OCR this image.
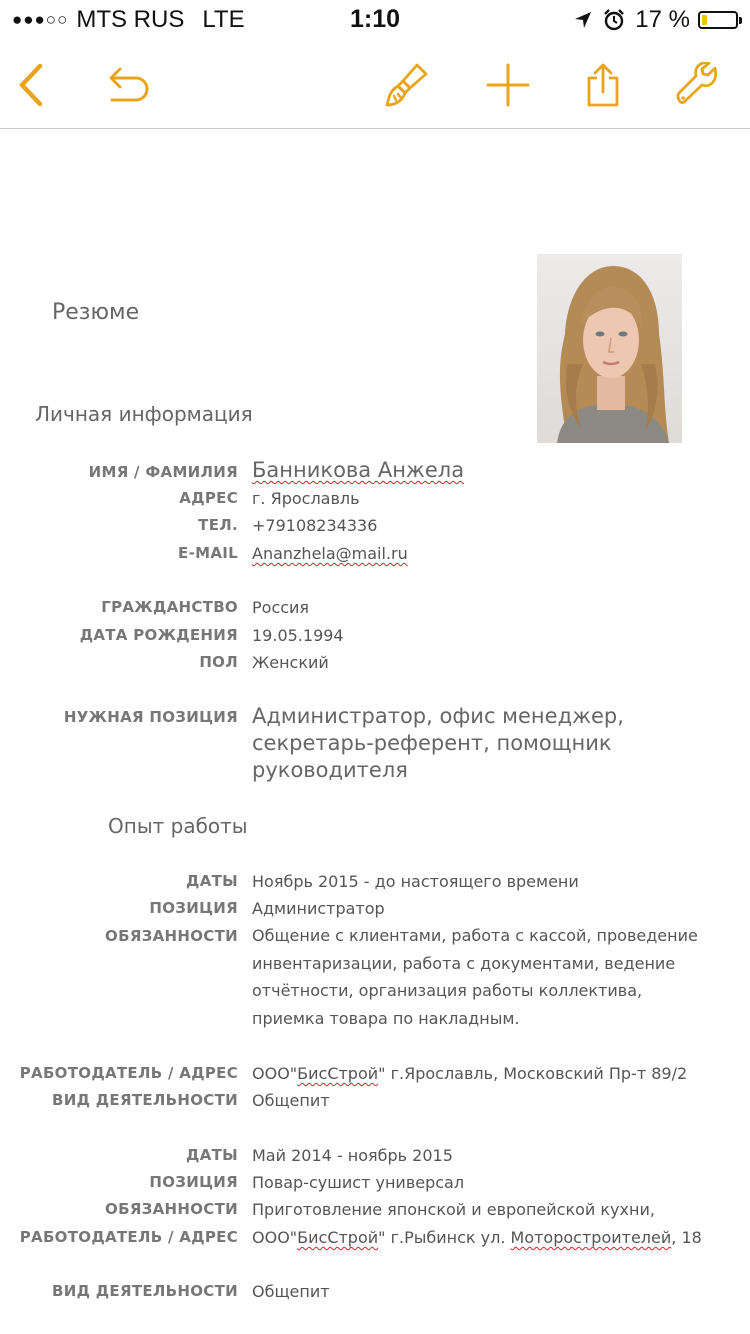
●●●○○ MTS RUS LTE	1:10	17 %
Резюме
Личная информация
ИМЯ / ФАМИЛИЯ Банникова Анжела
АДРЕС г. Ярославль
ТЕЛ. +79108234336
E-MAIL Ananzhela@mail.ru
ГРАЖДАНСТВО Россия
ДАТА РОЖДЕНИЯ 19.05.1994
ПОЛ Женский
НУЖНАЯ ПОЗИЦИЯ Администратор, офис менеджер, секретарь-референт, помощник руководителя
Опыт работы
ДАТЫ Ноябрь 2015 - до настоящего времени
ПОЗИЦИЯ Администратор
ОБЯЗАННОСТИ Общение с клиентами, работа с кассой, проведение инвентаризации, работа с документами, ведение отчётности, организация работы коллектива, приемка товара по накладным.
РАБОТОДАТЕЛЬ / АДРЕС ООО"БисСтрой" г.Ярославль, Московский Пр-т 89/2
ВИД ДЕЯТЕЛЬНОСТИ Общепит
ДАТЫ Май 2014 - ноябрь 2015
ПОЗИЦИЯ Повар-сушист универсал
ОБЯЗАННОСТИ Приготовление японской и европейской кухни,
РАБОТОДАТЕЛЬ / АДРЕС ООО"БисСтрой" г.Рыбинск ул. Моторостроителей, 18
ВИД ДЕЯТЕЛЬНОСТИ Общепит
